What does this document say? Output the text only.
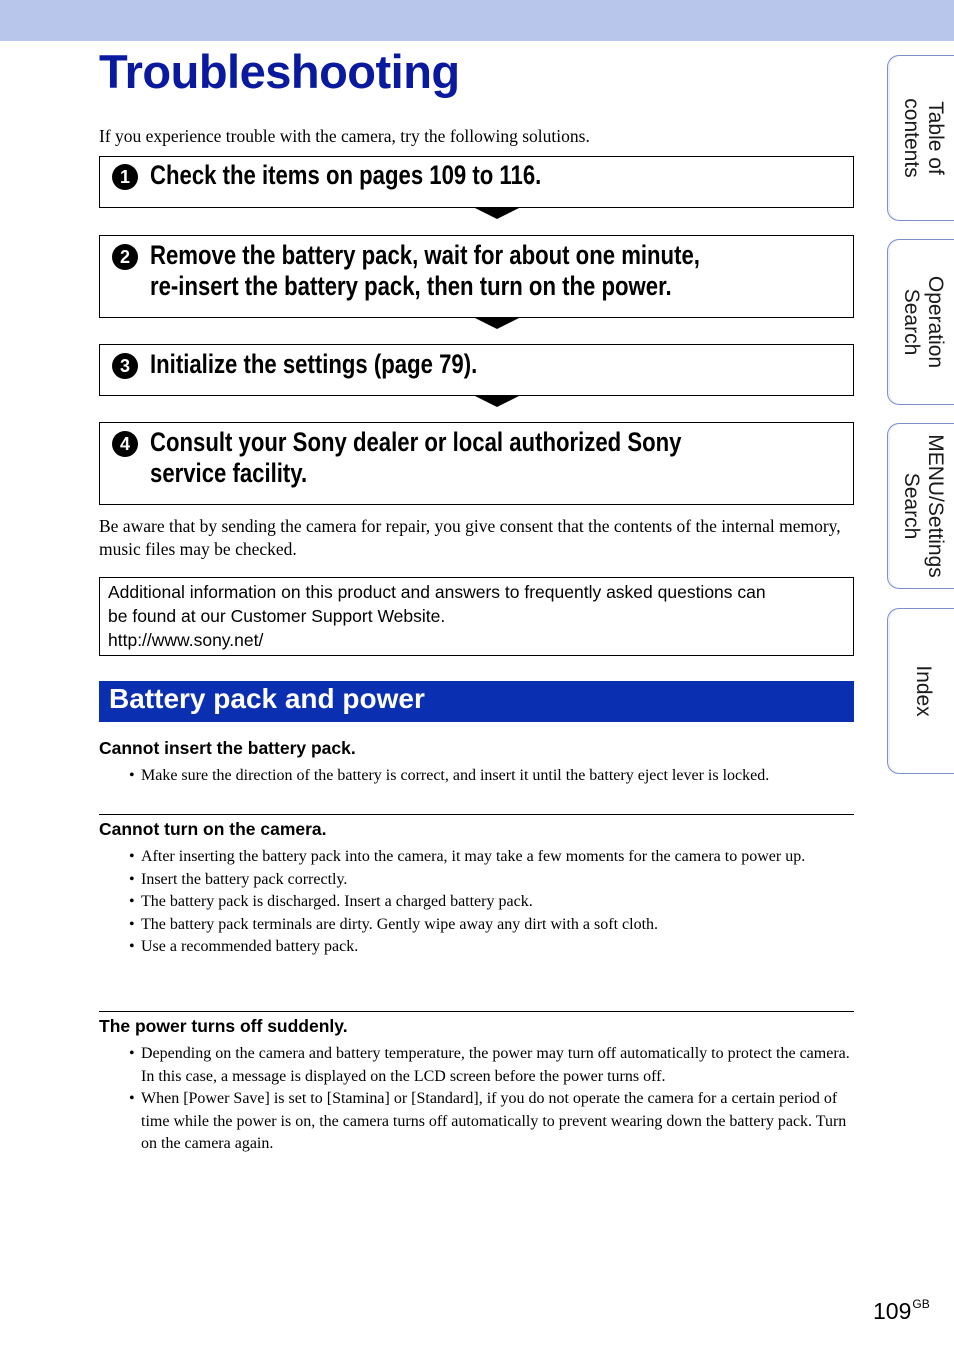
Troubleshooting

If you experience trouble with the camera, try the following solutions.

1 Check the items on pages 109 to 116.
2 Remove the battery pack, wait for about one minute, re-insert the battery pack, then turn on the power.
3 Initialize the settings (page 79).
4 Consult your Sony dealer or local authorized Sony service facility.

Be aware that by sending the camera for repair, you give consent that the contents of the internal memory, music files may be checked.

Additional information on this product and answers to frequently asked questions can
be found at our Customer Support Website.
http://www.sony.net/
Battery pack and power
Cannot insert the battery pack.
• Make sure the direction of the battery is correct, and insert it until the battery eject lever is locked.
Cannot turn on the camera.
• After inserting the battery pack into the camera, it may take a few moments for the camera to power up.
• Insert the battery pack correctly.
• The battery pack is discharged. Insert a charged battery pack.
• The battery pack terminals are dirty. Gently wipe away any dirt with a soft cloth.
• Use a recommended battery pack.
The power turns off suddenly.
• Depending on the camera and battery temperature, the power may turn off automatically to protect the camera. In this case, a message is displayed on the LCD screen before the power turns off.
• When [Power Save] is set to [Stamina] or [Standard], if you do not operate the camera for a certain period of time while the power is on, the camera turns off automatically to prevent wearing down the battery pack. Turn on the camera again.
Table of
contents
Operation
Search
MENU/Settings
Search
Index
$109^{GB}$
